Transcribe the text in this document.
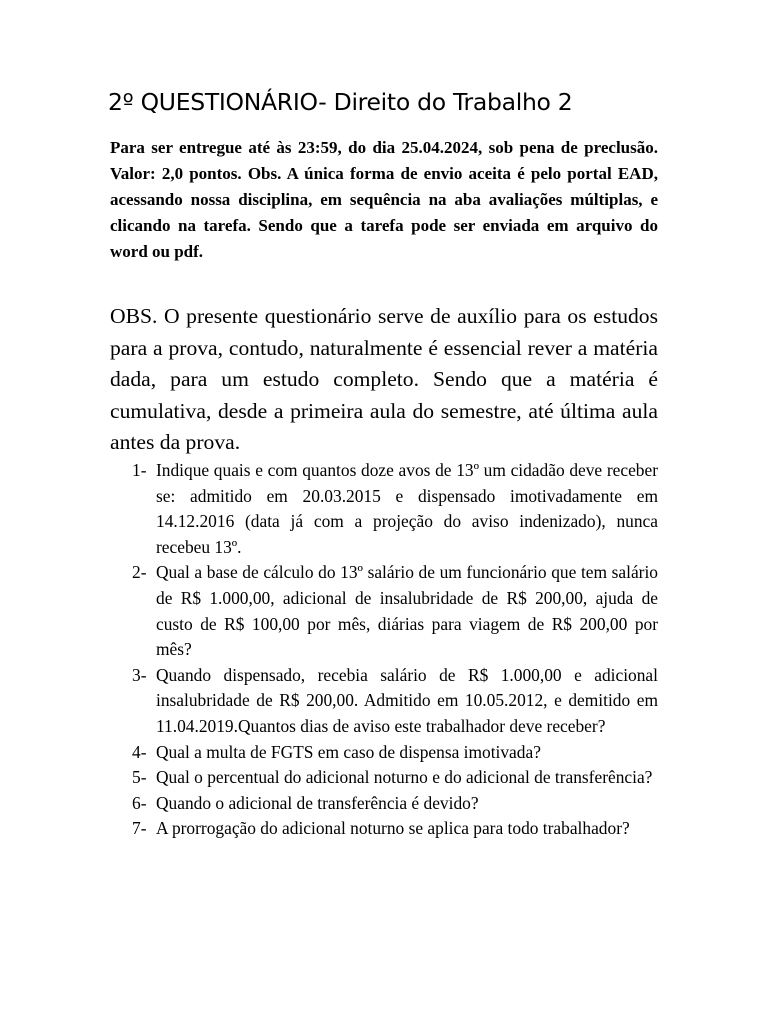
2º QUESTIONÁRIO- Direito do Trabalho 2

Para ser entregue até às 23:59, do dia 25.04.2024, sob pena de preclusão. Valor: 2,0 pontos. Obs. A única forma de envio aceita é pelo portal EAD, acessando nossa disciplina, em sequência na aba avaliações múltiplas, e clicando na tarefa. Sendo que a tarefa pode ser enviada em arquivo do word ou pdf.

OBS. O presente questionário serve de auxílio para os estudos para a prova, contudo, naturalmente é essencial rever a matéria dada, para um estudo completo. Sendo que a matéria é cumulativa, desde a primeira aula do semestre, até última aula antes da prova.

1- Indique quais e com quantos doze avos de 13º um cidadão deve receber se: admitido em 20.03.2015 e dispensado imotivadamente em 14.12.2016 (data já com a projeção do aviso indenizado), nunca recebeu 13º.
2- Qual a base de cálculo do 13º salário de um funcionário que tem salário de R$ 1.000,00, adicional de insalubridade de R$ 200,00, ajuda de custo de R$ 100,00 por mês, diárias para viagem de R$ 200,00 por mês?
3- Quando dispensado, recebia salário de R$ 1.000,00 e adicional insalubridade de R$ 200,00. Admitido em 10.05.2012, e demitido em 11.04.2019.Quantos dias de aviso este trabalhador deve receber?
4- Qual a multa de FGTS em caso de dispensa imotivada?
5- Qual o percentual do adicional noturno e do adicional de transferência?
6- Quando o adicional de transferência é devido?
7- A prorrogação do adicional noturno se aplica para todo trabalhador?
